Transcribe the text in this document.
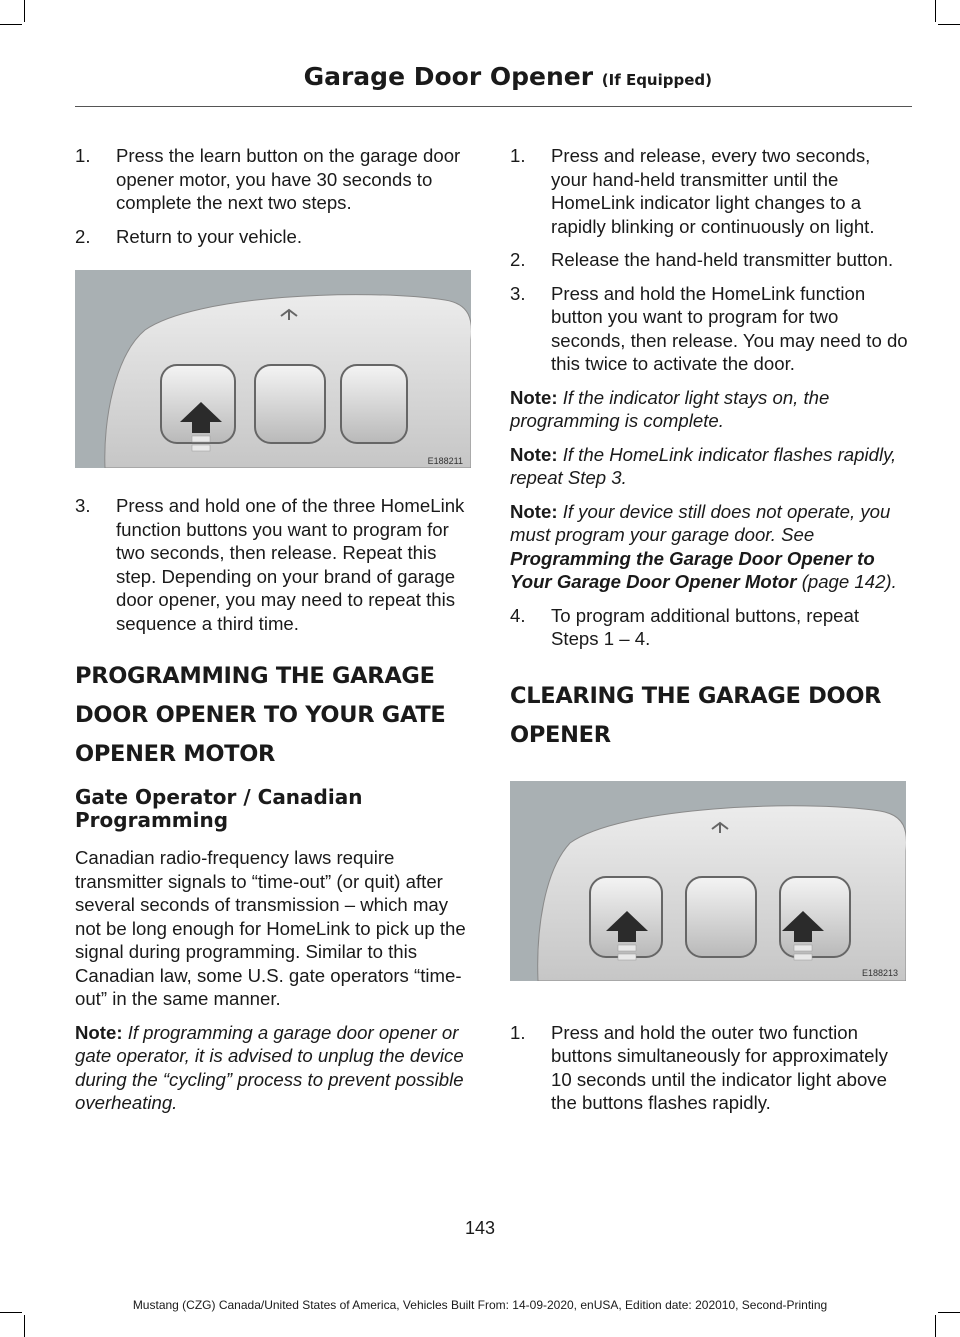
Garage Door Opener (If Equipped)
1. Press the learn button on the garage door opener motor, you have 30 seconds to complete the next two steps.
2. Return to your vehicle.
E188211
3. Press and hold one of the three HomeLink function buttons you want to program for two seconds, then release. Repeat this step. Depending on your brand of garage door opener, you may need to repeat this sequence a third time.
PROGRAMMING THE GARAGE
DOOR OPENER TO YOUR GATE
OPENER MOTOR
Gate Operator / Canadian Programming
Canadian radio-frequency laws require transmitter signals to “time-out” (or quit) after several seconds of transmission – which may not be long enough for HomeLink to pick up the signal during programming. Similar to this Canadian law, some U.S. gate operators “time-out” in the same manner.
Note: If programming a garage door opener or gate operator, it is advised to unplug the device during the “cycling” process to prevent possible overheating.
1. Press and release, every two seconds, your hand-held transmitter until the HomeLink indicator light changes to a rapidly blinking or continuously on light.
2. Release the hand-held transmitter button.
3. Press and hold the HomeLink function button you want to program for two seconds, then release. You may need to do this twice to activate the door.
Note: If the indicator light stays on, the programming is complete.
Note: If the HomeLink indicator flashes rapidly, repeat Step 3.
Note: If your device still does not operate, you must program your garage door. See Programming the Garage Door Opener to Your Garage Door Opener Motor (page 142).
4. To program additional buttons, repeat Steps 1 – 4.
CLEARING THE GARAGE DOOR
OPENER
E188213
1. Press and hold the outer two function buttons simultaneously for approximately 10 seconds until the indicator light above the buttons flashes rapidly.
143
Mustang (CZG) Canada/United States of America, Vehicles Built From: 14-09-2020, enUSA, Edition date: 202010, Second-Printing
